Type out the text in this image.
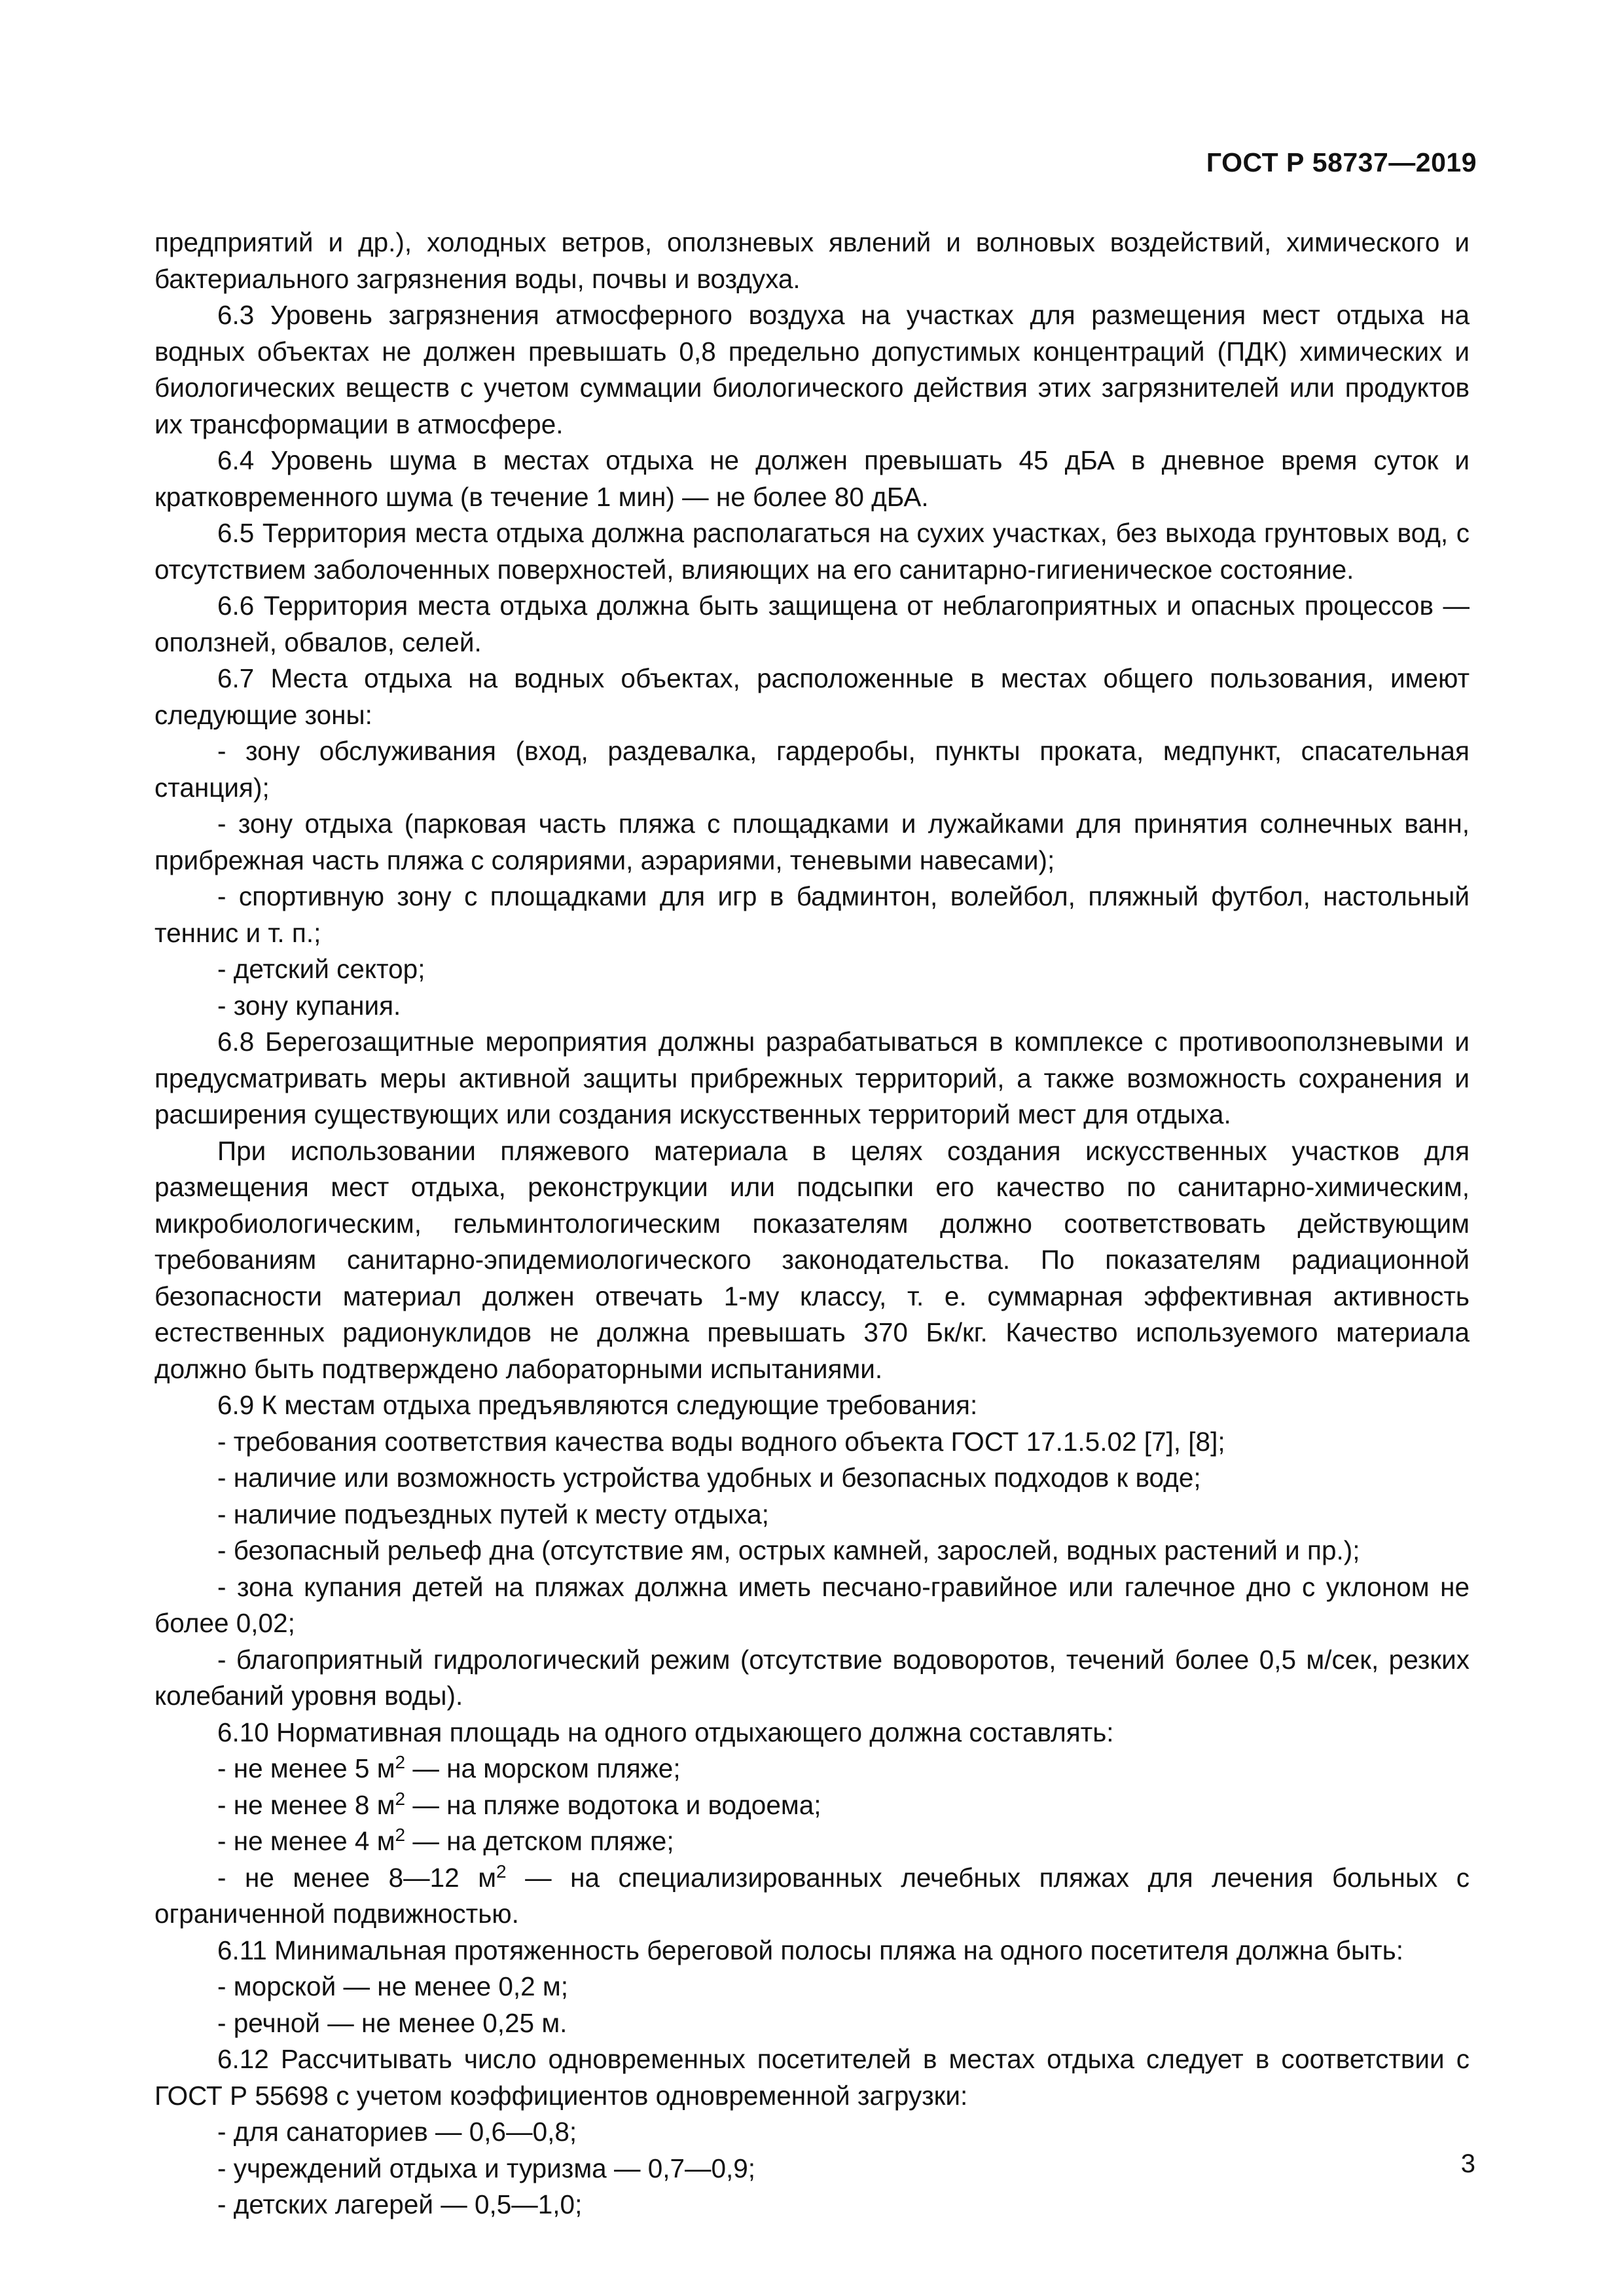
ГОСТ Р 58737—2019

предприятий и др.), холодных ветров, оползневых явлений и волновых воздействий, химического и бактериального загрязнения воды, почвы и воздуха.

6.3 Уровень загрязнения атмосферного воздуха на участках для размещения мест отдыха на водных объектах не должен превышать 0,8 предельно допустимых концентраций (ПДК) химических и биологических веществ с учетом суммации биологического действия этих загрязнителей или продуктов их трансформации в атмосфере.

6.4 Уровень шума в местах отдыха не должен превышать 45 дБА в дневное время суток и кратковременного шума (в течение 1 мин) — не более 80 дБА.

6.5 Территория места отдыха должна располагаться на сухих участках, без выхода грунтовых вод, с отсутствием заболоченных поверхностей, влияющих на его санитарно-гигиеническое состояние.

6.6 Территория места отдыха должна быть защищена от неблагоприятных и опасных процессов — оползней, обвалов, селей.

6.7 Места отдыха на водных объектах, расположенные в местах общего пользования, имеют следующие зоны:

- зону обслуживания (вход, раздевалка, гардеробы, пункты проката, медпункт, спасательная станция);

- зону отдыха (парковая часть пляжа с площадками и лужайками для принятия солнечных ванн, прибрежная часть пляжа с соляриями, аэрариями, теневыми навесами);

- спортивную зону с площадками для игр в бадминтон, волейбол, пляжный футбол, настольный теннис и т. п.;

- детский сектор;

- зону купания.

6.8 Берегозащитные мероприятия должны разрабатываться в комплексе с противооползневыми и предусматривать меры активной защиты прибрежных территорий, а также возможность сохранения и расширения существующих или создания искусственных территорий мест для отдыха.

При использовании пляжевого материала в целях создания искусственных участков для размещения мест отдыха, реконструкции или подсыпки его качество по санитарно-химическим, микробиологическим, гельминтологическим показателям должно соответствовать действующим требованиям санитарно-эпидемиологического законодательства. По показателям радиационной безопасности материал должен отвечать 1-му классу, т. е. суммарная эффективная активность естественных радионуклидов не должна превышать 370 Бк/кг. Качество используемого материала должно быть подтверждено лабораторными испытаниями.

6.9 К местам отдыха предъявляются следующие требования:

- требования соответствия качества воды водного объекта ГОСТ 17.1.5.02 [7], [8];

- наличие или возможность устройства удобных и безопасных подходов к воде;

- наличие подъездных путей к месту отдыха;

- безопасный рельеф дна (отсутствие ям, острых камней, зарослей, водных растений и пр.);

- зона купания детей на пляжах должна иметь песчано-гравийное или галечное дно с уклоном не более 0,02;

- благоприятный гидрологический режим (отсутствие водоворотов, течений более 0,5 м/сек, резких колебаний уровня воды).

6.10 Нормативная площадь на одного отдыхающего должна составлять:

- не менее 5 $м^2$ — на морском пляже;

- не менее 8 $м^2$ — на пляже водотока и водоема;

- не менее 4 $м^2$ — на детском пляже;

- не менее 8—12 $м^2$ — на специализированных лечебных пляжах для лечения больных с ограниченной подвижностью.

6.11 Минимальная протяженность береговой полосы пляжа на одного посетителя должна быть:

- морской — не менее 0,2 м;

- речной — не менее 0,25 м.

6.12 Рассчитывать число одновременных посетителей в местах отдыха следует в соответствии с ГОСТ Р 55698 с учетом коэффициентов одновременной загрузки:

- для санаториев — 0,6—0,8;

- учреждений отдыха и туризма — 0,7—0,9;

- детских лагерей — 0,5—1,0;

3
